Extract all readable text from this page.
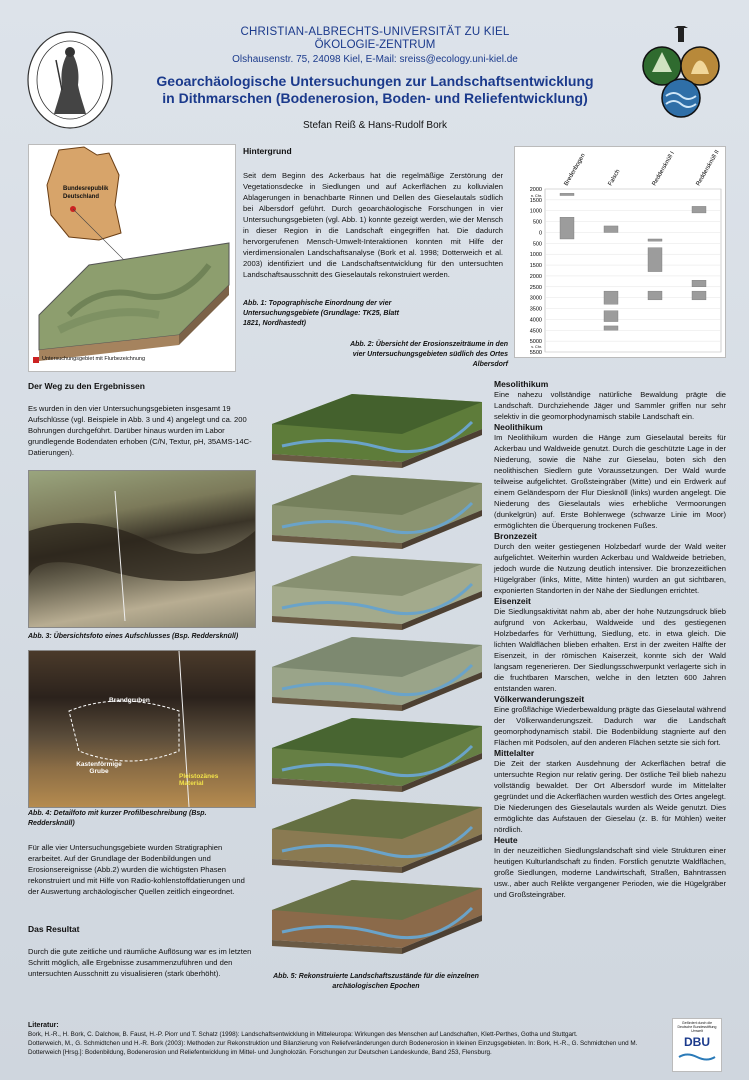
CHRISTIAN-ALBRECHTS-UNIVERSITÄT ZU KIEL
ÖKOLOGIE-ZENTRUM
Olshausenstr. 75, 24098 Kiel, E-Mail: sreiss@ecology.uni-kiel.de
Geoarchäologische Untersuchungen zur Landschaftsentwicklung
in Dithmarschen (Bodenerosion, Boden- und Reliefentwicklung)
Stefan Reiß & Hans-Rudolf Bork
Bundesrepublik Deutschland
Untersuchungsgebiet mit Flurbezeichnung
Hintergrund
Seit dem Beginn des Ackerbaus hat die regelmäßige Zerstörung der Vegetationsdecke in Siedlungen und auf Ackerflächen zu kolluvialen Ablagerungen in benachbarte Rinnen und Dellen des Gieselautals südlich bei Albersdorf geführt. Durch geoarchäologische Forschungen in vier Untersuchungsgebieten (vgl. Abb. 1) konnte gezeigt werden, wie der Mensch in dieser Region in die Landschaft eingegriffen hat. Die dadurch hervorgerufenen Mensch-Umwelt-Interaktionen konnten mit Hilfe der vierdimensionalen Landschaftsanalyse (Bork et al. 1998; Dotterweich et al. 2003) identifiziert und die Landschaftsentwicklung für den untersuchten Landschaftsausschnitt des Gieselautals rekonstruiert werden.
Abb. 1: Topographische Einordnung der vier Untersuchungsgebiete (Grundlage: TK25, Blatt 1821, Nordhastedt)
Abb. 2: Übersicht der Erosionszeiträume in den vier Untersuchungsgebieten südlich des Ortes Albersdorf
2000
1500
1000
500
0
500
1000
1500
2000
2500
3000
3500
4000
4500
5000
5500
n. Chr.
v. Chr.
Bredenbogen	Falsch	Reddersknüll I	Reddersknüll II
Der Weg zu den Ergebnissen
Es wurden in den vier Untersuchungsgebieten insgesamt 19 Aufschlüsse (vgl. Beispiele in Abb. 3 und 4) angelegt und ca. 200 Bohrungen durchgeführt. Darüber hinaus wurden im Labor grundlegende Bodendaten erhoben (C/N, Textur, pH, 35AMS-14C-Datierungen).
Abb. 3: Übersichtsfoto eines Aufschlusses (Bsp. Reddersknüll)
Brandgruben
Kastenförmige Grube
Pleistozänes Material
Abb. 4: Detailfoto mit kurzer Profilbeschreibung (Bsp. Reddersknüll)
Für alle vier Untersuchungsgebiete wurden Stratigraphien erarbeitet. Auf der Grundlage der Bodenbildungen und Erosionsereignisse (Abb.2) wurden die wichtigsten Phasen rekonstruiert und mit Hilfe von Radio-kohlenstoffdatierungen und der Auswertung archäologischer Quellen zeitlich eingeordnet.
Das Resultat
Durch die gute zeitliche und räumliche Auflösung war es im letzten Schritt möglich, alle Ergebnisse zusammenzuführen und den untersuchten Ausschnitt zu visualisieren (stark überhöht).	Abb. 5: Rekonstruierte Landschaftszustände für die einzelnen archäologischen Epochen
Mesolithikum
Eine nahezu vollständige natürliche Bewaldung prägte die Landschaft. Durchziehende Jäger und Sammler griffen nur sehr selektiv in die geomorphodynamisch stabile Landschaft ein.
Neolithikum
Im Neolithikum wurden die Hänge zum Gieselautal bereits für Ackerbau und Waldweide genutzt. Durch die geschützte Lage in der Niederung, sowie die Nähe zur Gieselau, boten sich den neolithischen Siedlern gute Voraussetzungen. Der Wald wurde teilweise aufgelichtet. Großsteingräber (Mitte) und ein Erdwerk auf einem Geländesporn der Flur Diesknöll (links) wurden angelegt. Die Niederung des Gieselautals wies erhebliche Vermoorungen (dunkelgrün) auf. Erste Bohlenwege (schwarze Linie im Moor) ermöglichten die Überquerung trockenen Fußes.
Bronzezeit
Durch den weiter gestiegenen Holzbedarf wurde der Wald weiter aufgelichtet. Weiterhin wurden Ackerbau und Waldweide betrieben, jedoch wurde die Nutzung deutlich intensiver. Die bronzezeitlichen Hügelgräber (links, Mitte, Mitte hinten) wurden an gut sichtbaren, exponierten Standorten in der Nähe der Siedlungen errichtet.
Eisenzeit
Die Siedlungsaktivität nahm ab, aber der hohe Nutzungsdruck blieb aufgrund von Ackerbau, Waldweide und des gestiegenen Holzbedarfes für Verhüttung, Siedlung, etc. in etwa gleich. Die lichten Waldflächen blieben erhalten. Erst in der zweiten Hälfte der Eisenzeit, in der römischen Kaiserzeit, konnte sich der Wald langsam regenerieren. Der Siedlungsschwerpunkt verlagerte sich in die fruchtbaren Marschen, welche in den letzten 600 Jahren entstanden waren.
Völkerwanderungszeit
Eine großflächige Wiederbewaldung prägte das Gieselautal während der Völkerwanderungszeit. Dadurch war die Landschaft geomorphodynamisch stabil. Die Bodenbildung stagnierte auf den Flächen mit Podsolen, auf den anderen Flächen setzte sie sich fort.
Mittelalter
Die Zeit der starken Ausdehnung der Ackerflächen betraf die untersuchte Region nur relativ gering. Der östliche Teil blieb nahezu vollständig bewaldet. Der Ort Albersdorf wurde im Mittelalter gegründet und die Ackerflächen wurden westlich des Ortes angelegt. Die Niederungen des Gieselautals wurden als Weide genutzt. Dies ermöglichte das Aufstauen der Gieselau (z. B. für Mühlen) weiter nördlich.
Heute
In der neuzeitlichen Siedlungslandschaft sind viele Strukturen einer heutigen Kulturlandschaft zu finden. Forstlich genutzte Waldflächen, große Siedlungen, moderne Landwirtschaft, Straßen, Bahntrassen usw., aber auch Relikte vergangener Perioden, wie die Hügelgräber und Großsteingräber.
Literatur:
Bork, H.-R., H. Bork, C. Dalchow, B. Faust, H.-P. Piorr und T. Schatz (1998): Landschaftsentwicklung in Mitteleuropa: Wirkungen des Menschen auf Landschaften, Klett-Perthes, Gotha und Stuttgart.
Dotterweich, M., G. Schmidtchen und H.-R. Bork (2003): Methoden zur Rekonstruktion und Bilanzierung von Reliefveränderungen durch Bodenerosion in kleinen Einzugsgebieten. In: Bork, H.-R., G. Schmidtchen und M. Dotterweich [Hrsg.]: Bodenbildung, Bodenerosion und Reliefentwicklung im Mittel- und Jungholozän. Forschungen zur Deutschen Landeskunde, Band 253, Flensburg.
Gefördert durch die Deutsche Bundesstiftung Umwelt
DBU
